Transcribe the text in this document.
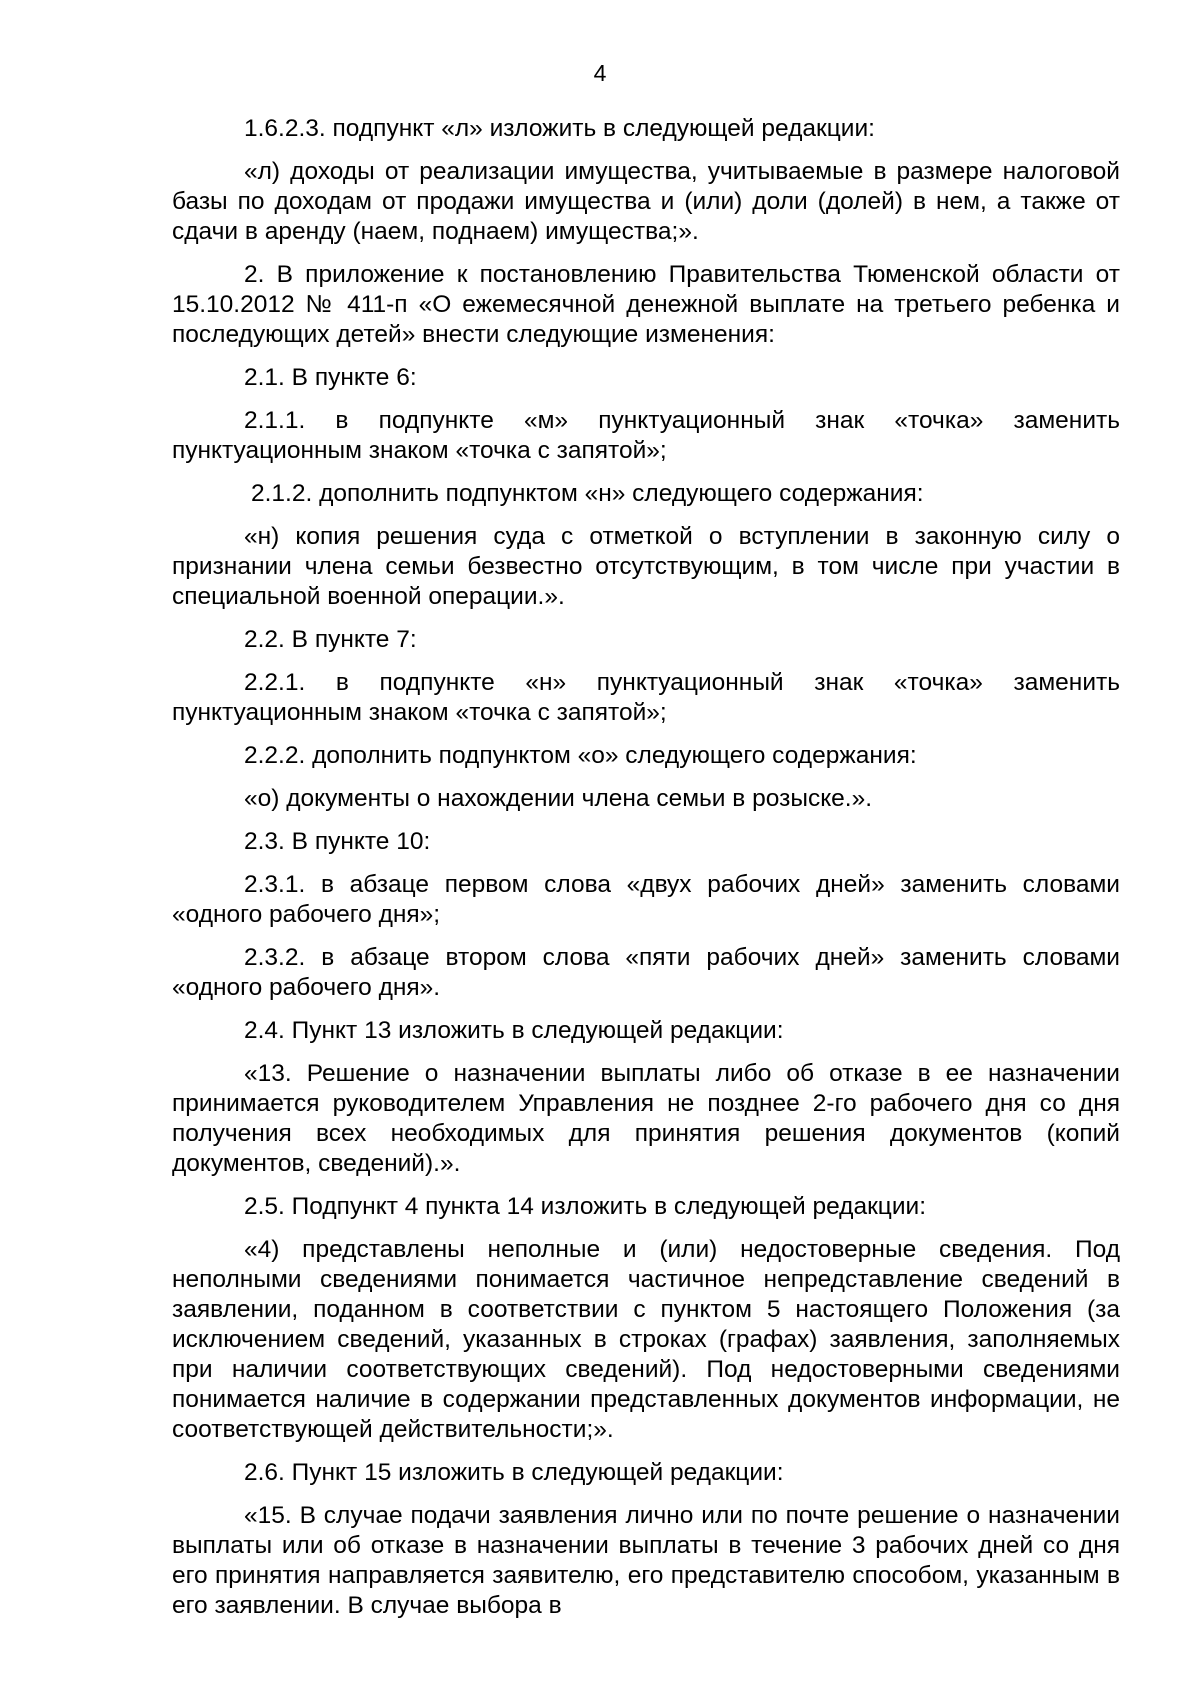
4

1.6.2.3. подпункт «л» изложить в следующей редакции:

«л) доходы от реализации имущества, учитываемые в размере налоговой базы по доходам от продажи имущества и (или) доли (долей) в нем, а также от сдачи в аренду (наем, поднаем) имущества;».

2. В приложение к постановлению Правительства Тюменской области от 15.10.2012 № 411-п «О ежемесячной денежной выплате на третьего ребенка и последующих детей» внести следующие изменения:

2.1. В пункте 6:

2.1.1. в подпункте «м» пунктуационный знак «точка» заменить пунктуационным знаком «точка с запятой»;

2.1.2. дополнить подпунктом «н» следующего содержания:

«н) копия решения суда с отметкой о вступлении в законную силу о признании члена семьи безвестно отсутствующим, в том числе при участии в специальной военной операции.».

2.2. В пункте 7:

2.2.1. в подпункте «н» пунктуационный знак «точка» заменить пунктуационным знаком «точка с запятой»;

2.2.2. дополнить подпунктом «о» следующего содержания:

«о) документы о нахождении члена семьи в розыске.».

2.3. В пункте 10:

2.3.1. в абзаце первом слова «двух рабочих дней» заменить словами «одного рабочего дня»;

2.3.2. в абзаце втором слова «пяти рабочих дней» заменить словами «одного рабочего дня».

2.4. Пункт 13 изложить в следующей редакции:

«13. Решение о назначении выплаты либо об отказе в ее назначении принимается руководителем Управления не позднее 2-го рабочего дня со дня получения всех необходимых для принятия решения документов (копий документов, сведений).».

2.5. Подпункт 4 пункта 14 изложить в следующей редакции:

«4) представлены неполные и (или) недостоверные сведения. Под неполными сведениями понимается частичное непредставление сведений в заявлении, поданном в соответствии с пунктом 5 настоящего Положения (за исключением сведений, указанных в строках (графах) заявления, заполняемых при наличии соответствующих сведений). Под недостоверными сведениями понимается наличие в содержании представленных документов информации, не соответствующей действительности;».

2.6. Пункт 15 изложить в следующей редакции:

«15. В случае подачи заявления лично или по почте решение о назначении выплаты или об отказе в назначении выплаты в течение 3 рабочих дней со дня его принятия направляется заявителю, его представителю способом, указанным в его заявлении. В случае выбора в
